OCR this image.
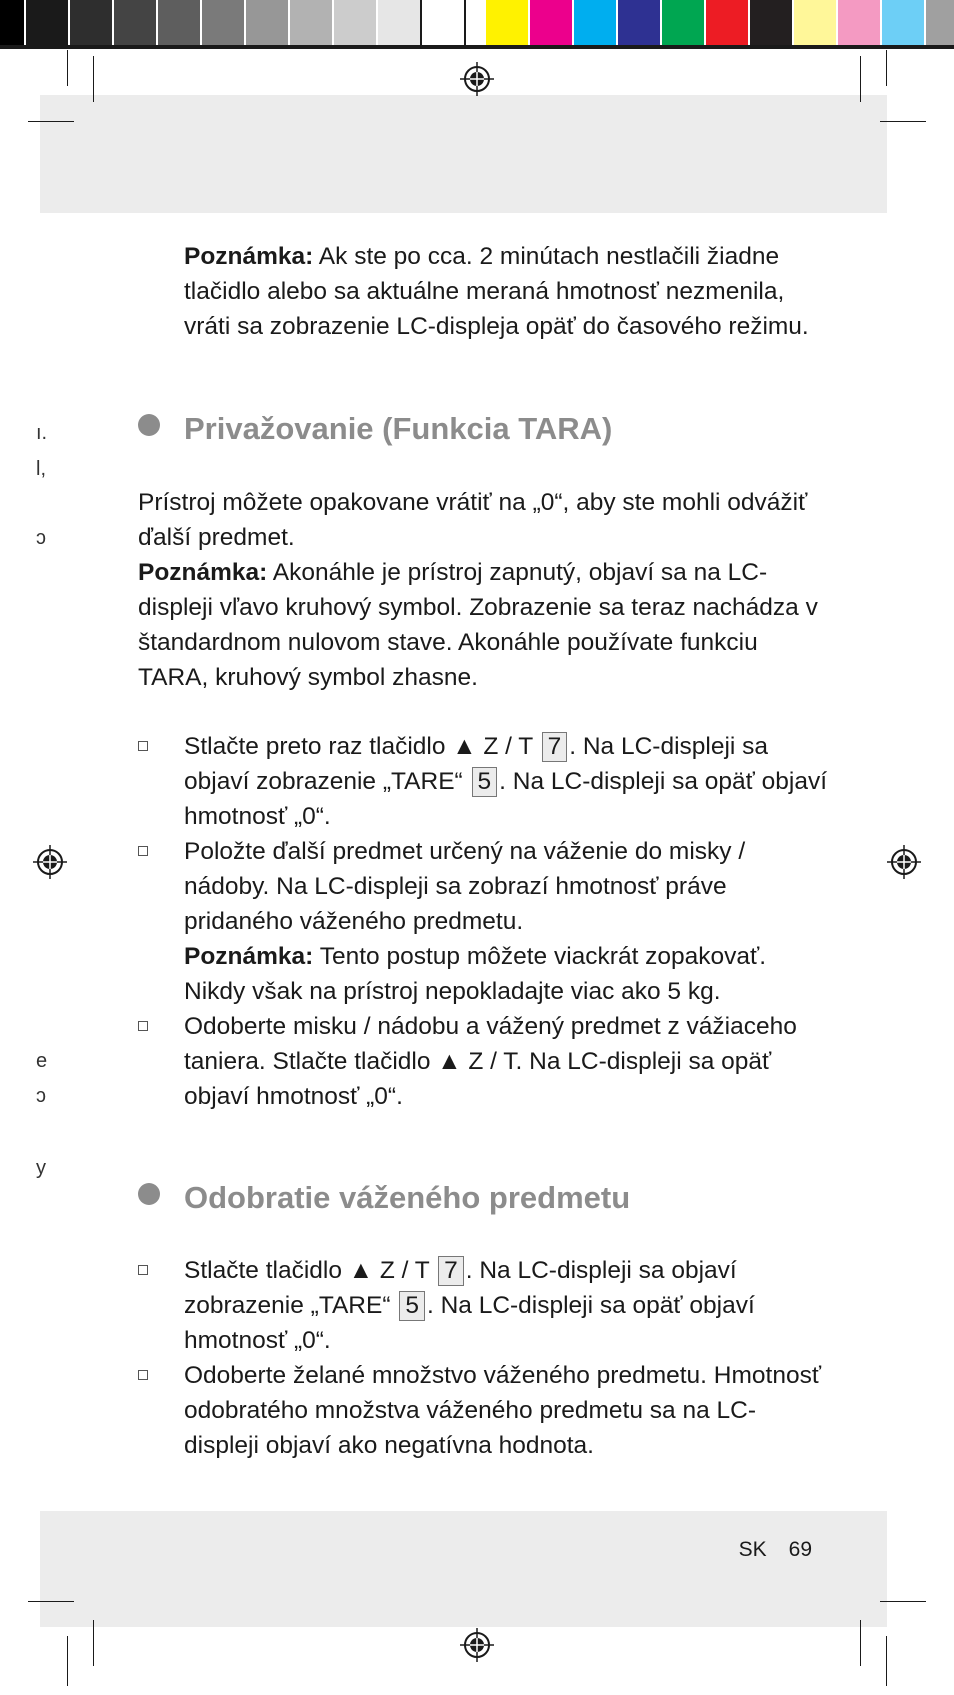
ı.
l,
ɔ
e
ɔ
y

Poznámka: Ak ste po cca. 2 minútach nestlačili žiadne tlačidlo alebo sa aktuálne meraná hmotnosť nezmenila, vráti sa zobrazenie LC-displeja opäť do časového režimu.

Privažovanie (Funkcia TARA)

Prístroj môžete opakovane vrátiť na „0“, aby ste mohli odvážiť ďalší predmet.

Poznámka: Akonáhle je prístroj zapnutý, objaví sa na LC-displeji vľavo kruhový symbol. Zobrazenie sa teraz nachádza v štandardnom nulovom stave. Akonáhle používate funkciu TARA, kruhový symbol zhasne.

Stlačte preto raz tlačidlo ▲ Z / T 7 . Na LC-displeji sa objaví zobrazenie „TARE“ 5 . Na LC-displeji sa opäť objaví hmotnosť „0“.
Položte ďalší predmet určený na váženie do misky / nádoby. Na LC-displeji sa zobrazí hmotnosť práve pridaného váženého predmetu.
Poznámka: Tento postup môžete viackrát zopakovať. Nikdy však na prístroj nepokladajte viac ako 5 kg.
Odoberte misku / nádobu a vážený predmet z vážiaceho taniera. Stlačte tlačidlo ▲ Z / T. Na LC-displeji sa opäť objaví hmotnosť „0“.
Odobratie váženého predmetu
Stlačte tlačidlo ▲ Z / T 7 . Na LC-displeji sa objaví zobrazenie „TARE“ 5 . Na LC-displeji sa opäť objaví hmotnosť „0“.
Odoberte želané množstvo váženého predmetu. Hmotnosť odobratého množstva váženého predmetu sa na LC-displeji objaví ako negatívna hodnota.
SK 69
